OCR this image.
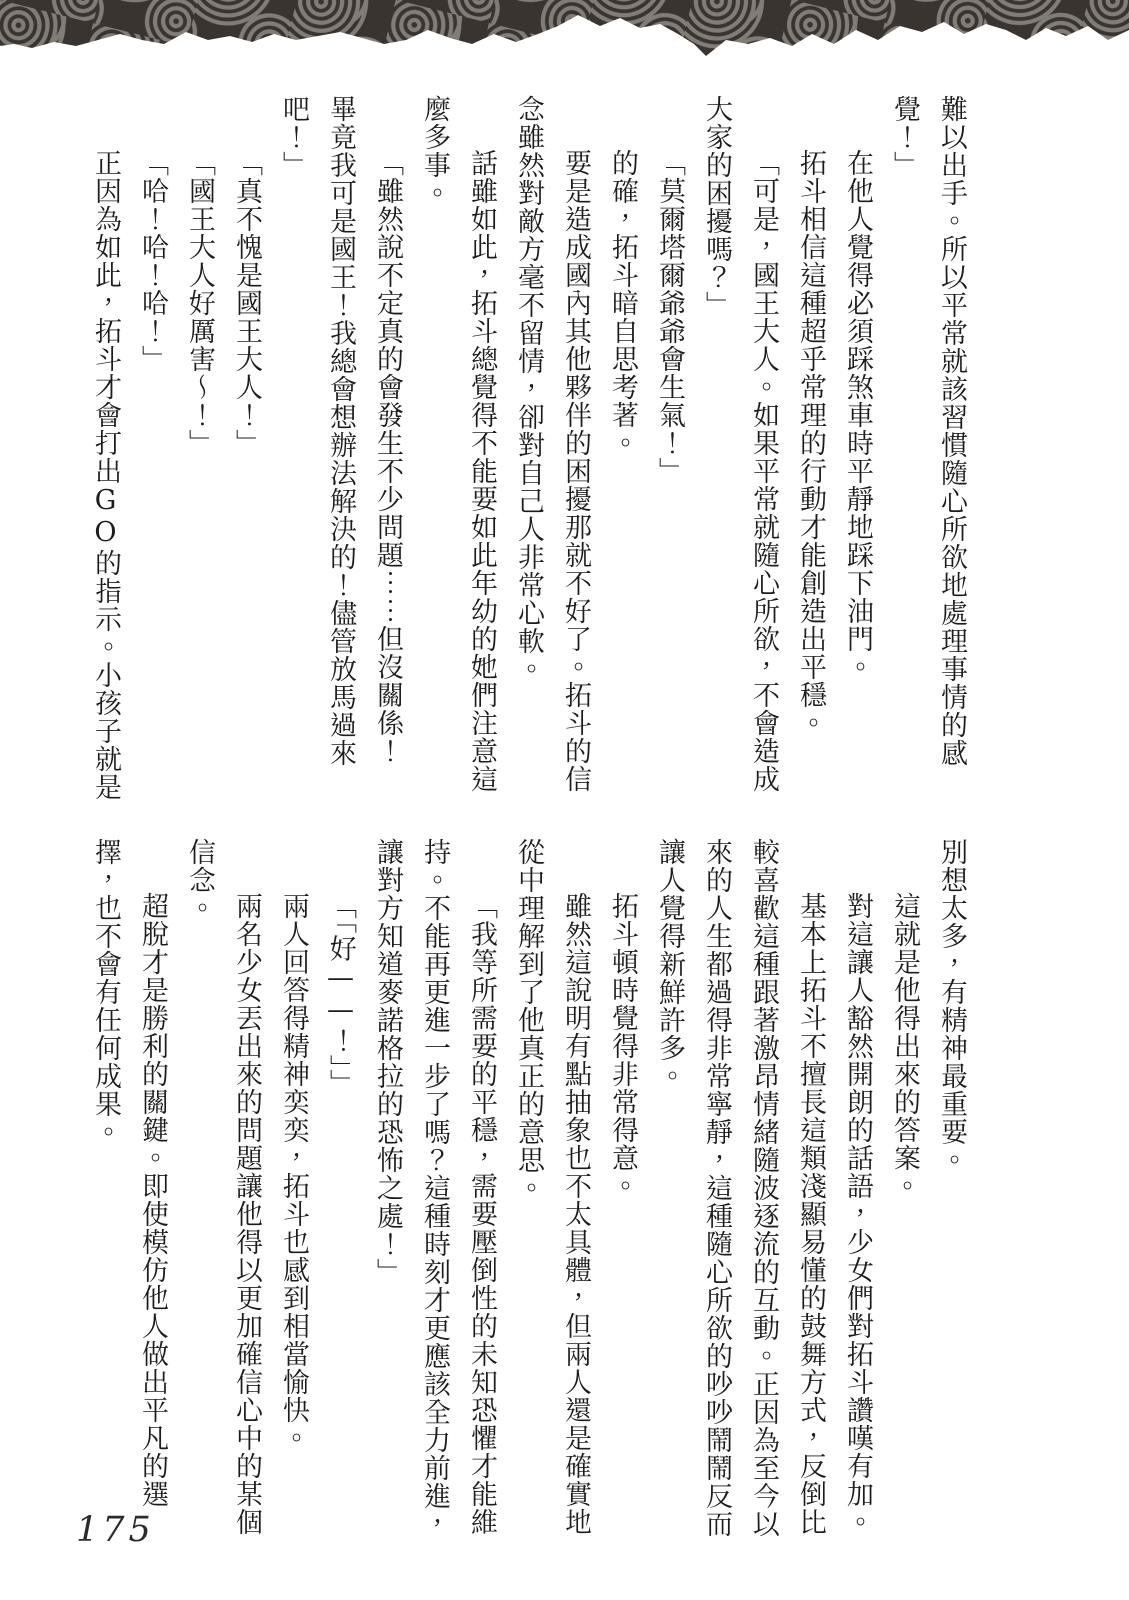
難以出手。所以平常就該習慣隨心所欲地處理事情的感
覺！」
在他人覺得必須踩煞車時平靜地踩下油門。
拓斗相信這種超乎常理的行動才能創造出平穩。
「可是，國王大人。如果平常就隨心所欲，不會造成
大家的困擾嗎？」
「莫爾塔爾爺爺會生氣！」
的確，拓斗暗自思考著。
要是造成國內其他夥伴的困擾那就不好了。拓斗的信
念雖然對敵方毫不留情，卻對自己人非常心軟。
話雖如此，拓斗總覺得不能要如此年幼的她們注意這
麼多事。
「雖然說不定真的會發生不少問題⋯⋯但沒關係！
畢竟我可是國王！我總會想辦法解決的！儘管放馬過來
吧！」
「真不愧是國王大人！」
「國王大人好厲害～！」
「哈！哈！哈！」
正因為如此，拓斗才會打出GO的指示。小孩子就是
別想太多，有精神最重要。
這就是他得出來的答案。
對這讓人豁然開朗的話語，少女們對拓斗讚嘆有加。
基本上拓斗不擅長這類淺顯易懂的鼓舞方式，反倒比
較喜歡這種跟著激昂情緒隨波逐流的互動。正因為至今以
來的人生都過得非常寧靜，這種隨心所欲的吵吵鬧鬧反而
讓人覺得新鮮許多。
拓斗頓時覺得非常得意。
雖然這說明有點抽象也不太具體，但兩人還是確實地
從中理解到了他真正的意思。
「我等所需要的平穩，需要壓倒性的未知恐懼才能維
持。不能再更進一步了嗎？這種時刻才更應該全力前進，
讓對方知道麥諾格拉的恐怖之處！」
「「好——！」」
兩人回答得精神奕奕，拓斗也感到相當愉快。
兩名少女丟出來的問題讓他得以更加確信心中的某個
信念。
超脫才是勝利的關鍵。即使模仿他人做出平凡的選
擇，也不會有任何成果。
175
